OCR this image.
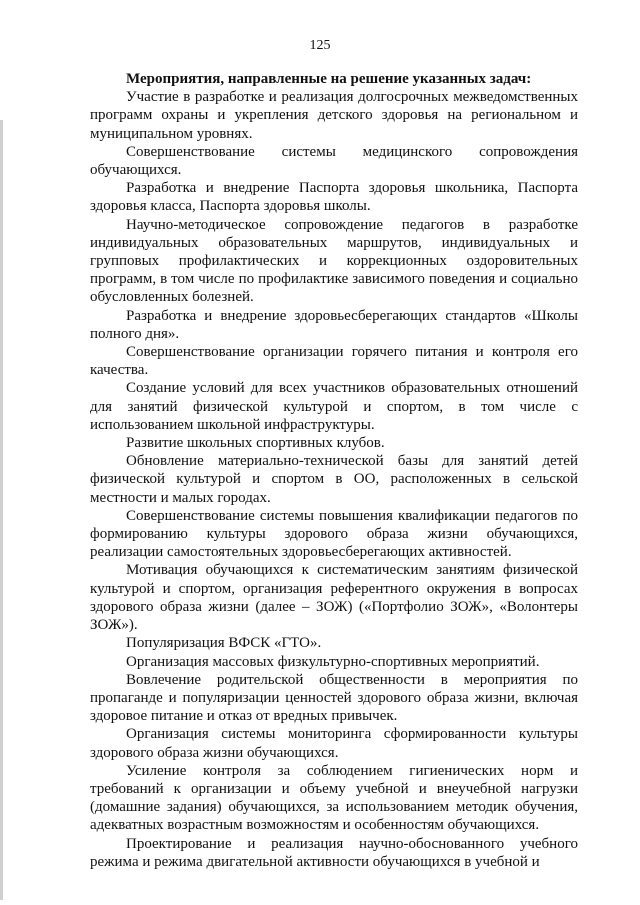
125

Мероприятия, направленные на решение указанных задач:

Участие в разработке и реализация долгосрочных межведомственных программ охраны и укрепления детского здоровья на региональном и муниципальном уровнях.

Совершенствование системы медицинского сопровождения обучающихся.

Разработка и внедрение Паспорта здоровья школьника, Паспорта здоровья класса, Паспорта здоровья школы.

Научно-методическое сопровождение педагогов в разработке индивидуальных образовательных маршрутов, индивидуальных и групповых профилактических и коррекционных оздоровительных программ, в том числе по профилактике зависимого поведения и социально обусловленных болезней.

Разработка и внедрение здоровьесберегающих стандартов «Школы полного дня».

Совершенствование организации горячего питания и контроля его качества.

Создание условий для всех участников образовательных отношений для занятий физической культурой и спортом, в том числе с использованием школьной инфраструктуры.

Развитие школьных спортивных клубов.

Обновление материально-технической базы для занятий детей физической культурой и спортом в ОО, расположенных в сельской местности и малых городах.

Совершенствование системы повышения квалификации педагогов по формированию культуры здорового образа жизни обучающихся, реализации самостоятельных здоровьесберегающих активностей.

Мотивация обучающихся к систематическим занятиям физической культурой и спортом, организация референтного окружения в вопросах здорового образа жизни (далее – ЗОЖ) («Портфолио ЗОЖ», «Волонтеры ЗОЖ»).

Популяризация ВФСК «ГТО».

Организация массовых физкультурно-спортивных мероприятий.

Вовлечение родительской общественности в мероприятия по пропаганде и популяризации ценностей здорового образа жизни, включая здоровое питание и отказ от вредных привычек.

Организация системы мониторинга сформированности культуры здорового образа жизни обучающихся.

Усиление контроля за соблюдением гигиенических норм и требований к организации и объему учебной и внеучебной нагрузки (домашние задания) обучающихся, за использованием методик обучения, адекватных возрастным возможностям и особенностям обучающихся.

Проектирование и реализация научно-обоснованного учебного режима и режима двигательной активности обучающихся в учебной и
